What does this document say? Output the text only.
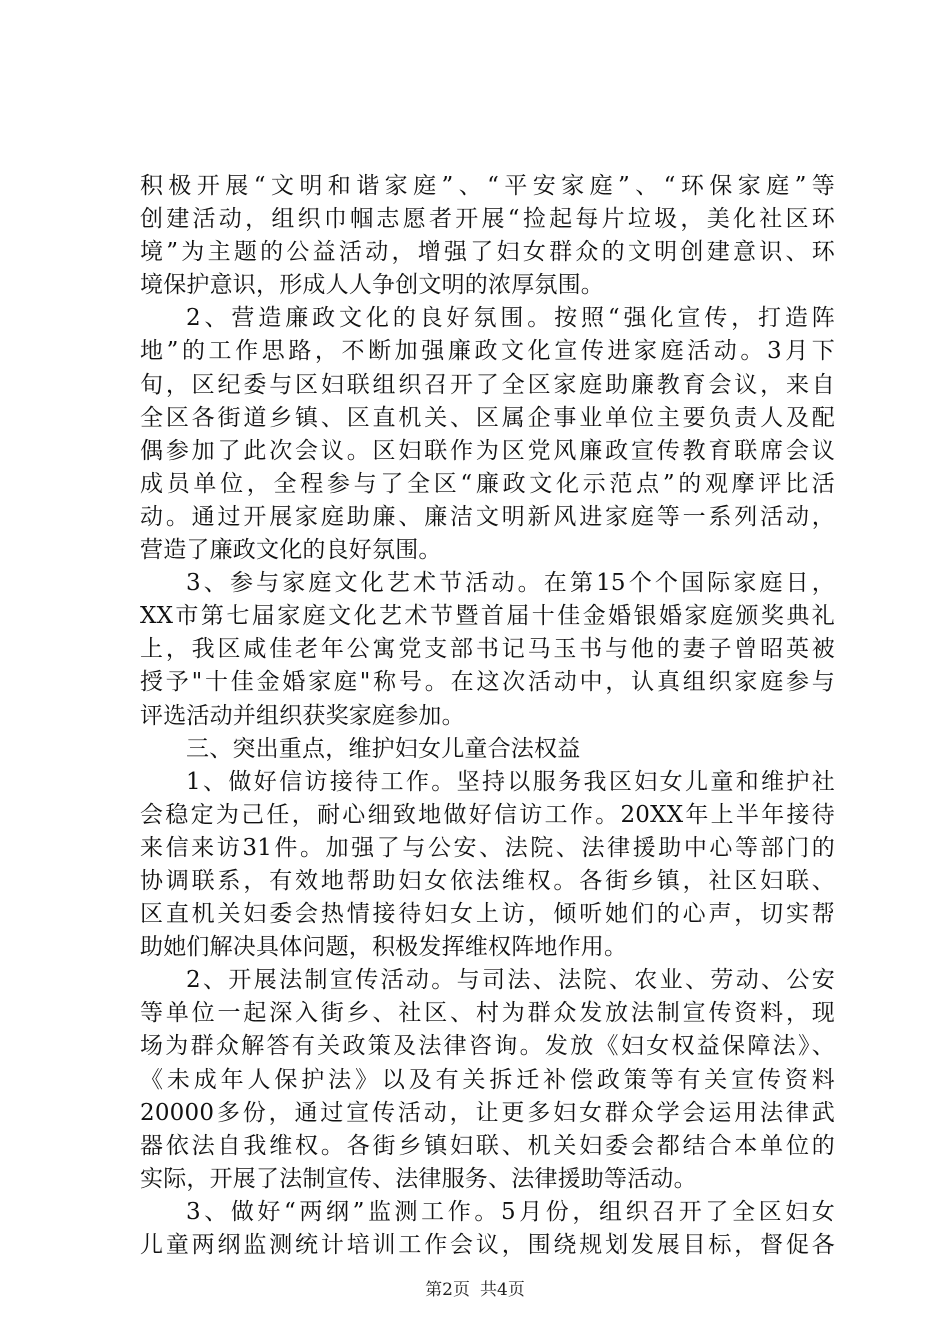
积极开展“文明和谐家庭”、“平安家庭”、“环保家庭”等
创建活动，组织巾帼志愿者开展“捡起每片垃圾，美化社区环
境”为主题的公益活动，增强了妇女群众的文明创建意识、环
境保护意识，形成人人争创文明的浓厚氛围。
2、营造廉政文化的良好氛围。按照“强化宣传，打造阵
地”的工作思路，不断加强廉政文化宣传进家庭活动。3月下
旬，区纪委与区妇联组织召开了全区家庭助廉教育会议，来自
全区各街道乡镇、区直机关、区属企事业单位主要负责人及配
偶参加了此次会议。区妇联作为区党风廉政宣传教育联席会议
成员单位，全程参与了全区“廉政文化示范点”的观摩评比活
动。通过开展家庭助廉、廉洁文明新风进家庭等一系列活动，
营造了廉政文化的良好氛围。
3、参与家庭文化艺术节活动。在第15个个国际家庭日，
XX市第七届家庭文化艺术节暨首届十佳金婚银婚家庭颁奖典礼
上，我区咸佳老年公寓党支部书记马玉书与他的妻子曾昭英被
授予"十佳金婚家庭"称号。在这次活动中，认真组织家庭参与
评选活动并组织获奖家庭参加。
三、突出重点，维护妇女儿童合法权益
1、做好信访接待工作。坚持以服务我区妇女儿童和维护社
会稳定为己任，耐心细致地做好信访工作。20XX年上半年接待
来信来访31件。加强了与公安、法院、法律援助中心等部门的
协调联系，有效地帮助妇女依法维权。各街乡镇，社区妇联、
区直机关妇委会热情接待妇女上访，倾听她们的心声，切实帮
助她们解决具体问题，积极发挥维权阵地作用。
2、开展法制宣传活动。与司法、法院、农业、劳动、公安
等单位一起深入街乡、社区、村为群众发放法制宣传资料，现
场为群众解答有关政策及法律咨询。发放《妇女权益保障法》、
《未成年人保护法》以及有关拆迁补偿政策等有关宣传资料
20000多份，通过宣传活动，让更多妇女群众学会运用法律武
器依法自我维权。各街乡镇妇联、机关妇委会都结合本单位的
实际，开展了法制宣传、法律服务、法律援助等活动。
3、做好“两纲”监测工作。5月份，组织召开了全区妇女
儿童两纲监测统计培训工作会议，围绕规划发展目标，督促各
第2页 共4页
